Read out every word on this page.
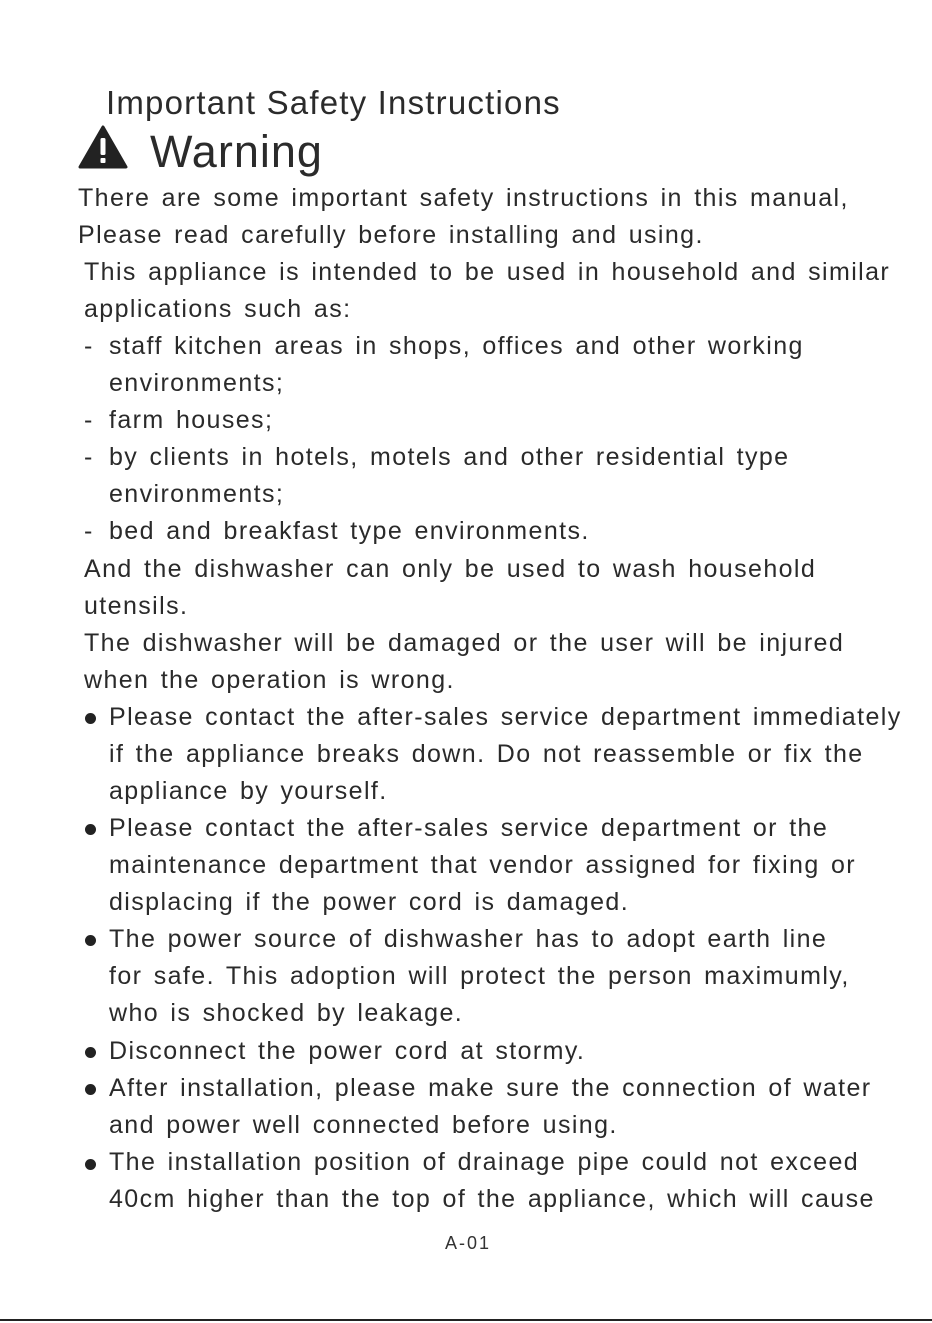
Important Safety Instructions
Warning
There are some important safety instructions in this manual,
Please read carefully before installing and using.
This appliance is intended to be used in household and similar
applications such as:
- staff kitchen areas in shops, offices and other working
environments;
- farm houses;
- by clients in hotels, motels and other residential type
environments;
- bed and breakfast type environments.
And the dishwasher can only be used to wash household
utensils.
The dishwasher will be damaged or the user will be injured
when the operation is wrong.
Please contact the after-sales service department immediately
if the appliance breaks down. Do not reassemble or fix the
appliance by yourself.
Please contact the after-sales service department or the
maintenance department that vendor assigned for fixing or
displacing if the power cord is damaged.
The power source of dishwasher has to adopt earth line
for safe. This adoption will protect the person maximumly,
who is shocked by leakage.
Disconnect the power cord at stormy.
After installation, please make sure the connection of water
and power well connected before using.
The installation position of drainage pipe could not exceed
40cm higher than the top of the appliance, which will cause
A-01
